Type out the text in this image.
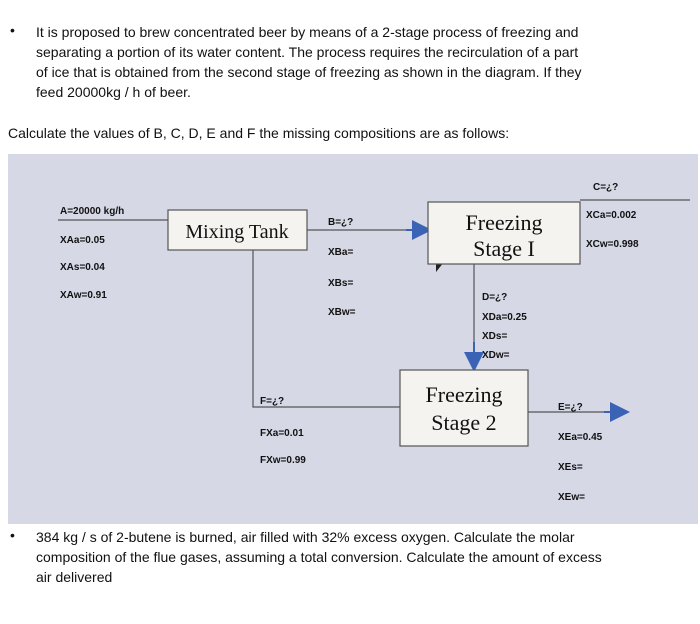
• It is proposed to brew concentrated beer by means of a 2-stage process of freezing and
separating a portion of its water content. The process requires the recirculation of a part
of ice that is obtained from the second stage of freezing as shown in the diagram. If they
feed 20000kg / h of beer.
Calculate the values of B, C, D, E and F the missing compositions are as follows:
Mixing Tank	Freezing
Stage I
Freezing
Stage 2
A=20000 kg/h
XAa=0.05
XAs=0.04
XAw=0.91
B=¿?
XBa=
XBs=
XBw=
C=¿?
XCa=0.002
XCw=0.998
D=¿?
XDa=0.25
XDs=
XDw=
E=¿?
XEa=0.45
XEs=
XEw=
F=¿?
FXa=0.01
FXw=0.99
• 384 kg / s of 2-butene is burned, air filled with 32% excess oxygen. Calculate the molar
composition of the flue gases, assuming a total conversion. Calculate the amount of excess
air delivered
